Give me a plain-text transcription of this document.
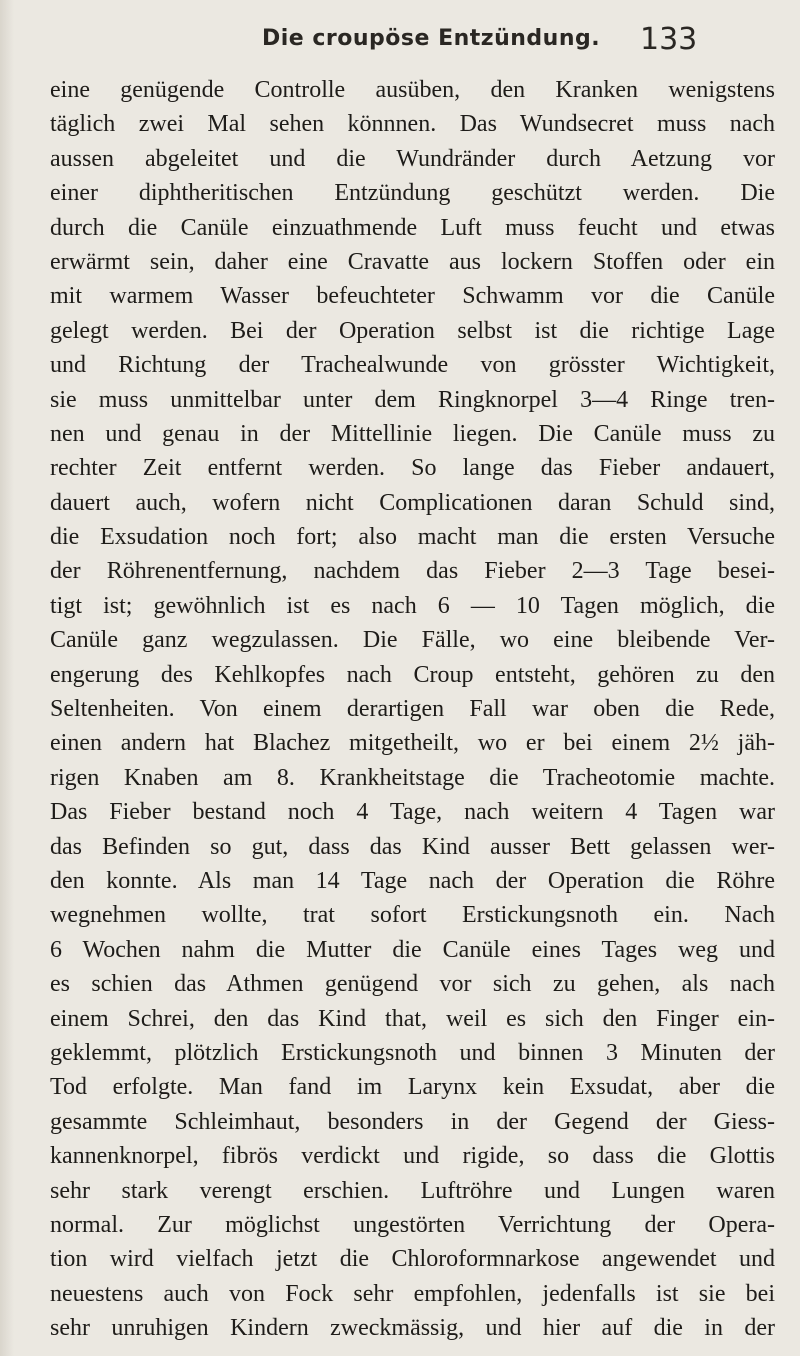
Die croupöse Entzündung. 133
eine genügende Controlle ausüben, den Kranken wenigstens
täglich zwei Mal sehen könnnen. Das Wundsecret muss nach
aussen abgeleitet und die Wundränder durch Aetzung vor
einer diphtheritischen Entzündung geschützt werden. Die
durch die Canüle einzuathmende Luft muss feucht und etwas
erwärmt sein, daher eine Cravatte aus lockern Stoffen oder ein
mit warmem Wasser befeuchteter Schwamm vor die Canüle
gelegt werden. Bei der Operation selbst ist die richtige Lage
und Richtung der Trachealwunde von grösster Wichtigkeit,
sie muss unmittelbar unter dem Ringknorpel 3—4 Ringe tren-
nen und genau in der Mittellinie liegen. Die Canüle muss zu
rechter Zeit entfernt werden. So lange das Fieber andauert,
dauert auch, wofern nicht Complicationen daran Schuld sind,
die Exsudation noch fort; also macht man die ersten Versuche
der Röhrenentfernung, nachdem das Fieber 2—3 Tage besei-
tigt ist; gewöhnlich ist es nach 6 — 10 Tagen möglich, die
Canüle ganz wegzulassen. Die Fälle, wo eine bleibende Ver-
engerung des Kehlkopfes nach Croup entsteht, gehören zu den
Seltenheiten. Von einem derartigen Fall war oben die Rede,
einen andern hat Blachez mitgetheilt, wo er bei einem 2½ jäh-
rigen Knaben am 8. Krankheitstage die Tracheotomie machte.
Das Fieber bestand noch 4 Tage, nach weitern 4 Tagen war
das Befinden so gut, dass das Kind ausser Bett gelassen wer-
den konnte. Als man 14 Tage nach der Operation die Röhre
wegnehmen wollte, trat sofort Erstickungsnoth ein. Nach
6 Wochen nahm die Mutter die Canüle eines Tages weg und
es schien das Athmen genügend vor sich zu gehen, als nach
einem Schrei, den das Kind that, weil es sich den Finger ein-
geklemmt, plötzlich Erstickungsnoth und binnen 3 Minuten der
Tod erfolgte. Man fand im Larynx kein Exsudat, aber die
gesammte Schleimhaut, besonders in der Gegend der Giess-
kannenknorpel, fibrös verdickt und rigide, so dass die Glottis
sehr stark verengt erschien. Luftröhre und Lungen waren
normal. Zur möglichst ungestörten Verrichtung der Opera-
tion wird vielfach jetzt die Chloroformnarkose angewendet und
neuestens auch von Fock sehr empfohlen, jedenfalls ist sie bei
sehr unruhigen Kindern zweckmässig, und hier auf die in der
